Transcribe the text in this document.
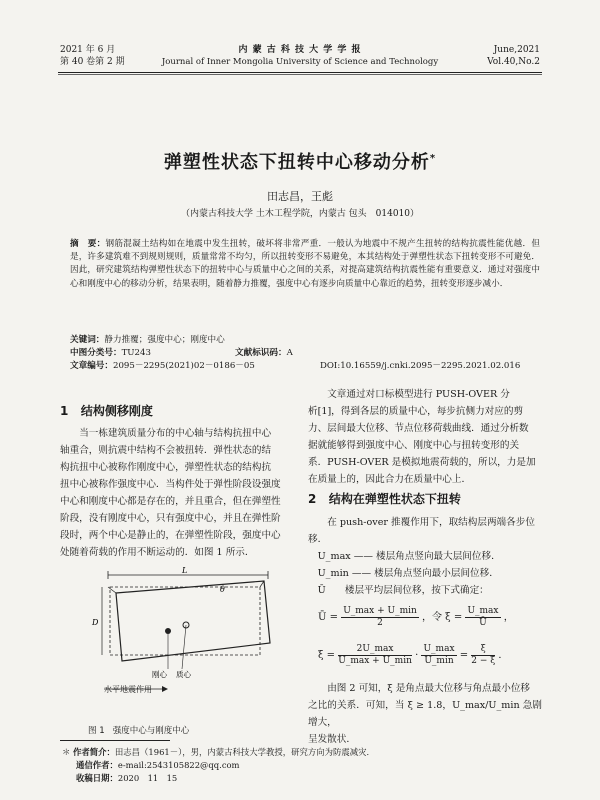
2021 年 6 月
第 40 卷第 2 期
内 蒙 古 科 技 大 学 学 报
Journal of Inner Mongolia University of Science and Technology
June,2021
Vol.40,No.2
弹塑性状态下扭转中心移动分析*
田志昌，王彪
（内蒙古科技大学 土木工程学院，内蒙古 包头　014010）
摘　要：钢筋混凝土结构如在地震中发生扭转，破坏将非常严重．一般认为地震中不规产生扭转的结构抗震性能优越．但是，许多建筑难不到规则规则，质量常常不均匀，所以扭转变形不易避免，本其结构处于弹塑性状态下扭转变形不可避免．因此，研究建筑结构弹塑性状态下的扭转中心与质量中心之间的关系，对提高建筑结构抗震性能有重要意义．通过对强度中心和刚度中心的移动分析，结果表明，随着静力推覆，强度中心有逐步向质量中心靠近的趋势，扭转变形逐步减小．
关键词：静力推覆；强度中心；刚度中心
中图分类号：TU243	文献标识码：A
文章编号：2095－2295(2021)02－0186－05	DOI:10.16559/j.cnki.2095－2295.2021.02.016
1 结构侧移刚度
当一栋建筑质量分布的中心轴与结构抗扭中心
轴重合，则抗震中结构不会被扭转．弹性状态的结
构抗扭中心被称作刚度中心，弹塑性状态的结构抗
扭中心被称作强度中心．当构件处于弹性阶段设强度
中心和刚度中心都是存在的，并且重合，但在弹塑性
阶段，没有刚度中心，只有强度中心，并且在弹性阶
段时，两个中心是静止的，在弹塑性阶段，强度中心
处随着荷载的作用不断运动的．如图 1 所示．
L
θ
D
刚心 质心
水平地震作用
图 1 强度中心与刚度中心
文章通过对口标模型进行 PUSH-OVER 分
析[1]，得到各层的质量中心，每步抗侧力对应的剪
力、层间最大位移、节点位移荷载曲线．通过分析数
据就能够得到强度中心、刚度中心与扭转变形的关
系．PUSH-OVER 是模拟地震荷载的，所以，力是加
在质量上的，因此合力在质量中心上．
2 结构在弹塑性状态下扭转
在 push-over 推覆作用下，取结构层两端各步位
移．
U_max —— 楼层角点竖向最大层间位移．
U_min —— 楼层角点竖向最小层间位移．
Ū　　楼层平均层间位移，按下式确定：
Ū = $\frac{U\_\max + U\_\min}{2}$ ，令 $\xi = \frac{U\_\max}{Ū}$ ，
$\xi = \frac{2U\_\max}{U\_\max + U\_\min} \cdot \frac{U\_\max}{U\_\min} = \frac{\xi}{2 - \xi}$ ．
由图 2 可知，ξ 是角点最大位移与角点最小位移
之比的关系．可知，当 ξ ≥ 1.8，U_max/U_min 急剧增大，
呈发散状．
＊ 作者简介：田志昌（1961－），男，内蒙古科技大学教授，研究方向为防震减灾．
通信作者：e-mail:2543105822@qq.com
收稿日期：2020　11　15
